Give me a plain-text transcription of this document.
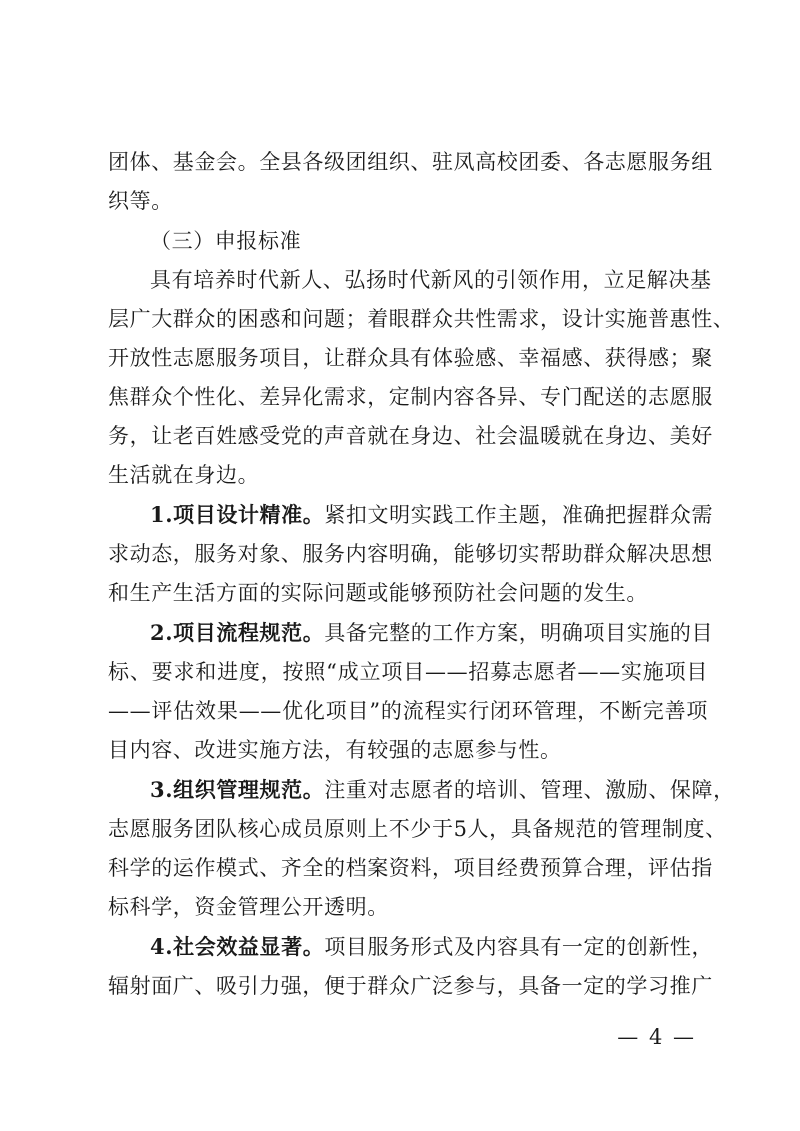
团体、基金会。全县各级团组织、驻凤高校团委、各志愿服务组
织等。
（三）申报标准
具有培养时代新人、弘扬时代新风的引领作用，立足解决基
层广大群众的困惑和问题；着眼群众共性需求，设计实施普惠性、
开放性志愿服务项目，让群众具有体验感、幸福感、获得感；聚
焦群众个性化、差异化需求，定制内容各异、专门配送的志愿服
务，让老百姓感受党的声音就在身边、社会温暖就在身边、美好
生活就在身边。
1.项目设计精准。紧扣文明实践工作主题，准确把握群众需
求动态，服务对象、服务内容明确，能够切实帮助群众解决思想
和生产生活方面的实际问题或能够预防社会问题的发生。
2.项目流程规范。具备完整的工作方案，明确项目实施的目
标、要求和进度，按照“成立项目——招募志愿者——实施项目
——评估效果——优化项目”的流程实行闭环管理，不断完善项
目内容、改进实施方法，有较强的志愿参与性。
3.组织管理规范。注重对志愿者的培训、管理、激励、保障，
志愿服务团队核心成员原则上不少于5人，具备规范的管理制度、
科学的运作模式、齐全的档案资料，项目经费预算合理，评估指
标科学，资金管理公开透明。
4.社会效益显著。项目服务形式及内容具有一定的创新性，
辐射面广、吸引力强，便于群众广泛参与，具备一定的学习推广
— 4 —
